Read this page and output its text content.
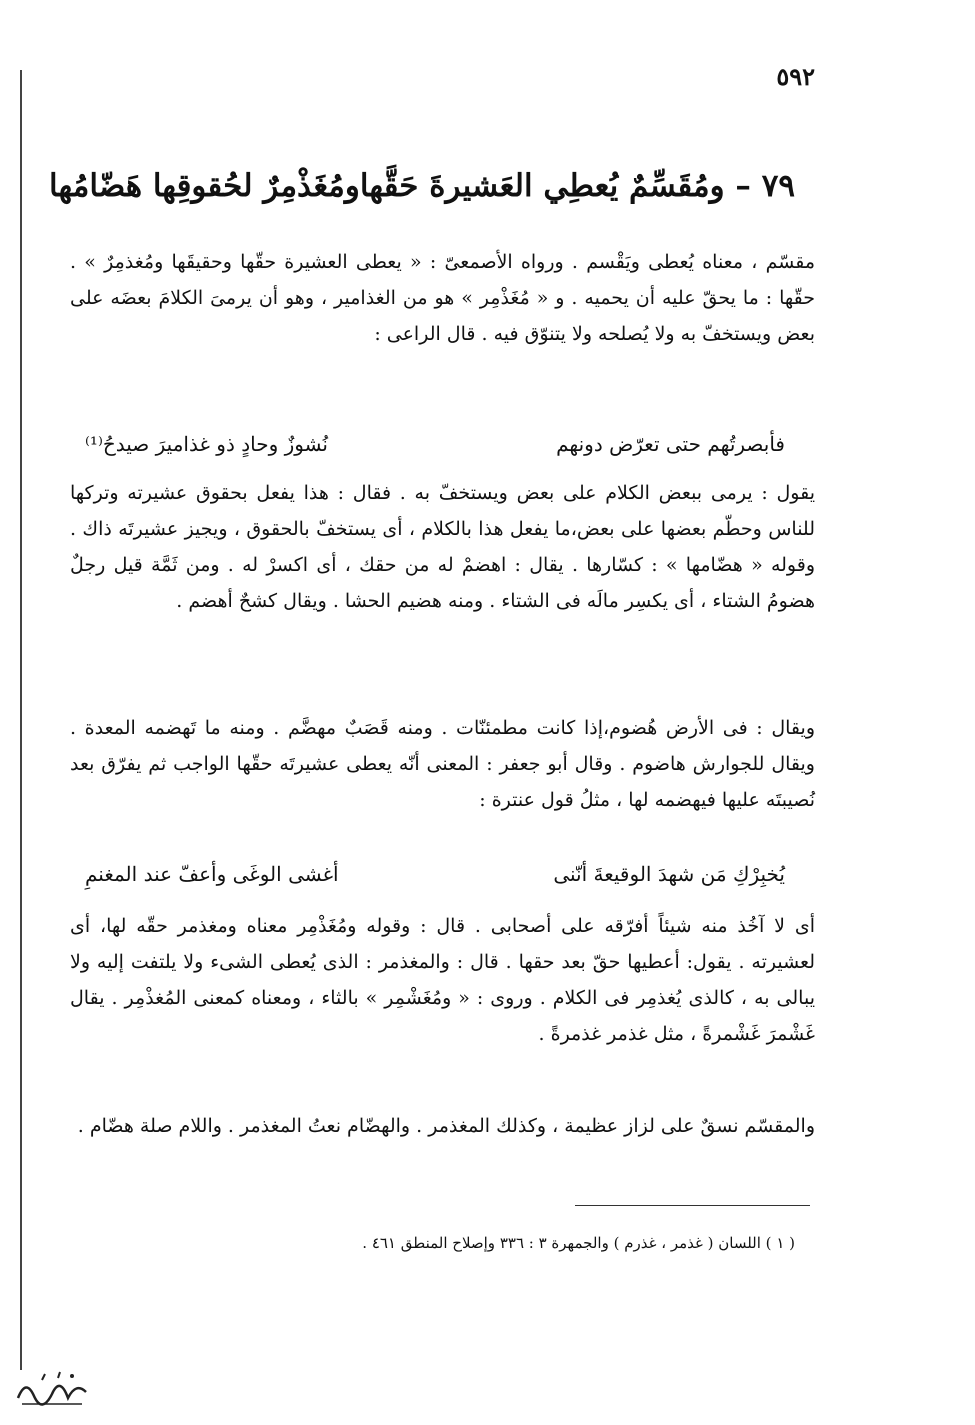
٥٩٢
٧٩ – ومُقَسِّمٌ يُعطِي العَشيرةَ حَقَّها
ومُغَذْمِرٌ لحُقوقِها هَضّامُها
مقسّم ، معناه يُعطى ويَقْسم . ورواه الأصمعىّ : « يعطى العشيرة حقّها وحقيقَها ومُغذمِرٌ » . حقّها : ما يحقّ عليه أن يحميه . و « مُغَذْمِر » هو من الغذامير ، وهو أن يرمىَ الكلامَ بعضَه على بعض ويستخفّ به ولا يُصلحه ولا يتنوّق فيه . قال الراعى :
فأبصرتُهم حتى تعرّض دونهم
نُشوزٌ وحادٍ ذو غذاميرَ صيدحُ⁽¹⁾
يقول : يرمى ببعض الكلام على بعض ويستخفّ به . فقال : هذا يفعل بحقوق عشيرته وتركها للناس وحطّم بعضها على بعض،ما يفعل هذا بالكلام ، أى يستخفّ بالحقوق ، ويجيز عشيرتَه ذاك . وقوله « هضّامها » : كسّارها . يقال : اهضمْ له من حقك ، أى اكسرْ له . ومن ثَمَّة قيل رجلٌ هضومُ الشتاء ، أى يكسِر مالَه فى الشتاء . ومنه هضيم الحشا . ويقال كشحٌ أهضم .
ويقال : فى الأرض هُضوم،إذا كانت مطمئنّات . ومنه قَصَبٌ مهضَّم . ومنه ما تَهضمه المعدة . ويقال للجوارش هاضوم . وقال أبو جعفر : المعنى أنّه يعطى عشيرتَه حقّها الواجب ثم يفرّق بعد نُصيبتَه عليها فيهضمه لها ، مثلُ قول عنترة :
يُخبِرْكِ مَن شهدَ الوقيعةَ أنّنى
أغشى الوغَى وأعفّ عند المغنمِ
أى لا آخُذ منه شيئاً أفرّقه على أصحابى . قال : وقوله ومُغَذْمِر معناه ومغذمر حقّه لها، أى لعشيرته . يقول: أعطيها حقّ بعد حقها . قال : والمغذمر : الذى يُعطى الشىء ولا يلتفت إليه ولا يبالى به ، كالذى يُغذمِر فى الكلام . وروى : « ومُغَشْمِر » بالثاء ، ومعناه كمعنى المُغذْمِر . يقال غَشْمرَ غَشْمرةً ، مثل غذمر غذمرةً .
والمقسّم نسقٌ على لزاز عظيمة ، وكذلك المغذمر . والهضّام نعتُ المغذمر . واللام صلة هضّام .
( ١ ) اللسان ( غذمر ، غذرم ) والجمهرة ٣ : ٣٣٦ وإصلاح المنطق ٤٦١ .
